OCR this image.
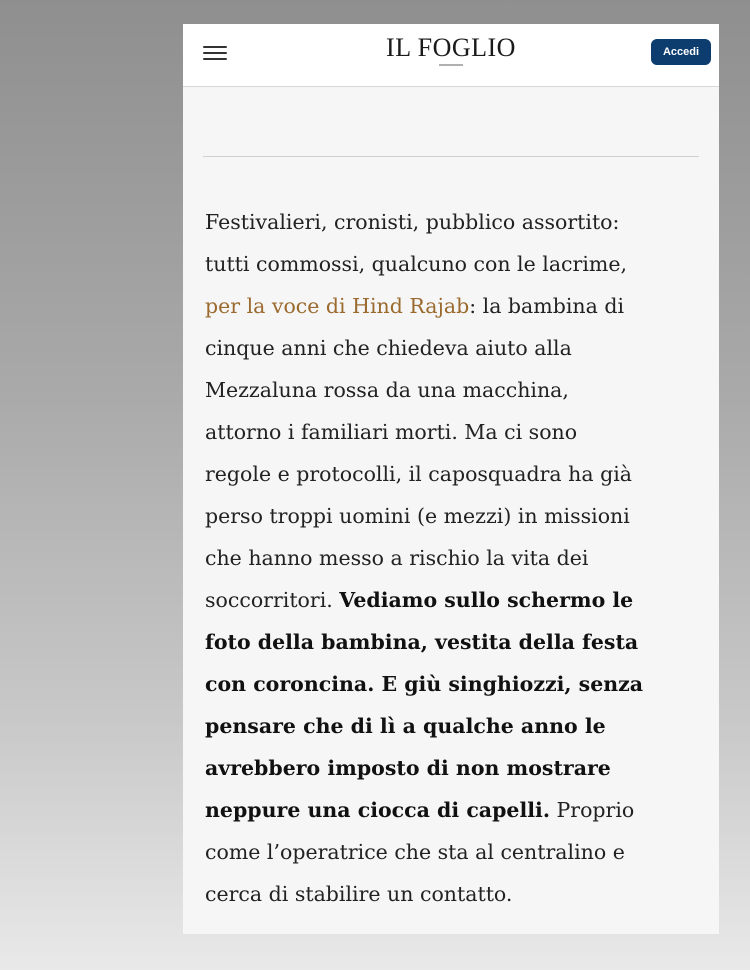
IL FOGLIO	Accedi

Festivalieri, cronisti, pubblico assortito:
tutti commossi, qualcuno con le lacrime,
per la voce di Hind Rajab: la bambina di
cinque anni che chiedeva aiuto alla
Mezzaluna rossa da una macchina,
attorno i familiari morti. Ma ci sono
regole e protocolli, il caposquadra ha già
perso troppi uomini (e mezzi) in missioni
che hanno messo a rischio la vita dei
soccorritori. Vediamo sullo schermo le
foto della bambina, vestita della festa
con coroncina. E giù singhiozzi, senza
pensare che di lì a qualche anno le
avrebbero imposto di non mostrare
neppure una ciocca di capelli. Proprio
come l’operatrice che sta al centralino e
cerca di stabilire un contatto.
